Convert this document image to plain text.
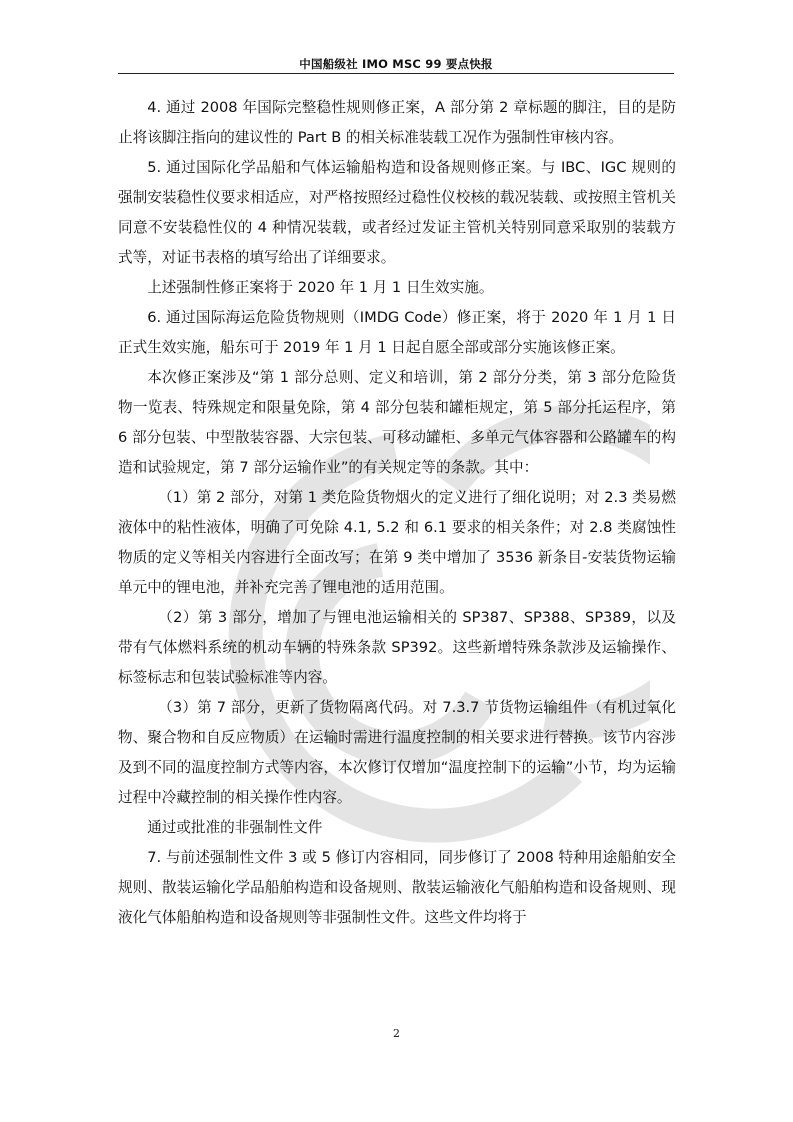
中国船级社 IMO MSC 99 要点快报

4. 通过 2008 年国际完整稳性规则修正案，A 部分第 2 章标题的脚注，目的是防止将该脚注指向的建议性的 Part B 的相关标准装载工况作为强制性审核内容。

5. 通过国际化学品船和气体运输船构造和设备规则修正案。与 IBC、IGC 规则的强制安装稳性仪要求相适应，对严格按照经过稳性仪校核的载况装载、或按照主管机关同意不安装稳性仪的 4 种情况装载，或者经过发证主管机关特别同意采取别的装载方式等，对证书表格的填写给出了详细要求。

上述强制性修正案将于 2020 年 1 月 1 日生效实施。

6. 通过国际海运危险货物规则（IMDG Code）修正案，将于 2020 年 1 月 1 日正式生效实施，船东可于 2019 年 1 月 1 日起自愿全部或部分实施该修正案。

本次修正案涉及“第 1 部分总则、定义和培训，第 2 部分分类，第 3 部分危险货物一览表、特殊规定和限量免除，第 4 部分包装和罐柜规定，第 5 部分托运程序，第 6 部分包装、中型散装容器、大宗包装、可移动罐柜、多单元气体容器和公路罐车的构造和试验规定，第 7 部分运输作业”的有关规定等的条款。其中：

（1）第 2 部分，对第 1 类危险货物烟火的定义进行了细化说明；对 2.3 类易燃液体中的粘性液体，明确了可免除 4.1, 5.2 和 6.1 要求的相关条件；对 2.8 类腐蚀性物质的定义等相关内容进行全面改写；在第 9 类中增加了 3536 新条目-安装货物运输单元中的锂电池，并补充完善了锂电池的适用范围。

（2）第 3 部分，增加了与锂电池运输相关的 SP387、SP388、SP389，以及带有气体燃料系统的机动车辆的特殊条款 SP392。这些新增特殊条款涉及运输操作、标签标志和包装试验标准等内容。

（3）第 7 部分，更新了货物隔离代码。对 7.3.7 节货物运输组件（有机过氧化物、聚合物和自反应物质）在运输时需进行温度控制的相关要求进行替换。该节内容涉及到不同的温度控制方式等内容，本次修订仅增加“温度控制下的运输”小节，均为运输过程中冷藏控制的相关操作性内容。

通过或批准的非强制性文件

7. 与前述强制性文件 3 或 5 修订内容相同，同步修订了 2008 特种用途船舶安全规则、散装运输化学品船舶构造和设备规则、散装运输液化气船舶构造和设备规则、现液化气体船舶构造和设备规则等非强制性文件。这些文件均将于

2
